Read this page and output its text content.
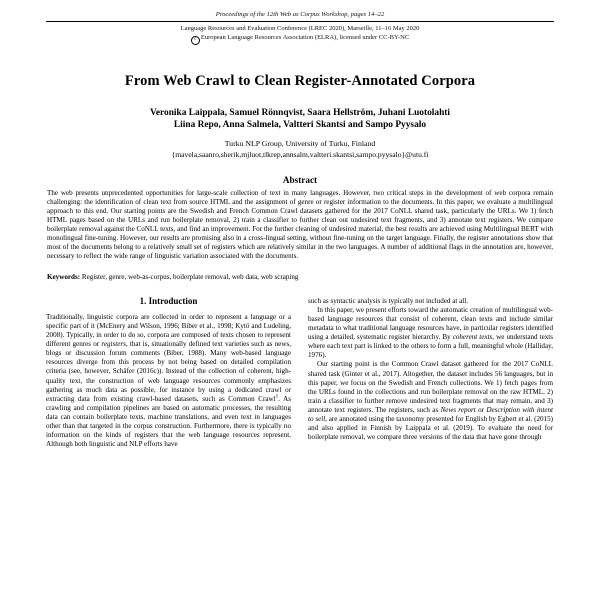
Proceedings of the 12th Web as Corpus Workshop, pages 14–22
Language Resources and Evaluation Conference (LREC 2020), Marseille, 11–16 May 2020
c European Language Resources Association (ELRA), licensed under CC-BY-NC
From Web Crawl to Clean Register-Annotated Corpora
Veronika Laippala, Samuel Rönnqvist, Saara Hellström, Juhani Luotolahti
Liina Repo, Anna Salmela, Valtteri Skantsi and Sampo Pyysalo
Turku NLP Group, University of Turku, Finland
{mavela,saanro,sherik,mjluot,tlkrep,annsalm,valtteri.skantsi,sampo.pyysalo}@utu.fi
Abstract
The web presents unprecedented opportunities for large-scale collection of text in many languages. However, two critical steps in the development of web corpora remain challenging: the identification of clean text from source HTML and the assignment of genre or register information to the documents. In this paper, we evaluate a multilingual approach to this end. Our starting points are the Swedish and French Common Crawl datasets gathered for the 2017 CoNLL shared task, particularly the URLs. We 1) fetch HTML pages based on the URLs and run boilerplate removal, 2) train a classifier to further clean out undesired text fragments, and 3) annotate text registers. We compare boilerplate removal against the CoNLL texts, and find an improvement. For the further cleaning of undesired material, the best results are achieved using Multilingual BERT with monolingual fine-tuning. However, our results are promising also in a cross-lingual setting, without fine-tuning on the target language. Finally, the register annotations show that most of the documents belong to a relatively small set of registers which are relatively similar in the two languages. A number of additional flags in the annotation are, however, necessary to reflect the wide range of linguistic variation associated with the documents.
Keywords: Register, genre, web-as-corpus, boilerplate removal, web data, web scraping
1. Introduction

Traditionally, linguistic corpora are collected in order to represent a language or a specific part of it (McEnery and Wilson, 1996; Biber et al., 1998; Kytö and Ludeling, 2008). Typically, in order to do so, corpora are composed of texts chosen to represent different genres or registers, that is, situationally defined text varieties such as news, blogs or discussion forum comments (Biber, 1988). Many web-based language resources diverge from this process by not being based on detailed compilation criteria (see, however, Schäfer (2016c)). Instead of the collection of coherent, high-quality text, the construction of web language resources commonly emphasizes gathering as much data as possible, for instance by using a dedicated crawl or extracting data from existing crawl-based datasets, such as Common Crawl$^1$. As crawling and compilation pipelines are based on automatic processes, the resulting data can contain boilerplate texts, machine translations, and even text in languages other than that targeted in the corpus construction. Furthermore, there is typically no information on the kinds of registers that the web language resources represent. Although both linguistic and NLP efforts have

such as syntactic analysis is typically not included at all.

In this paper, we present efforts toward the automatic creation of multilingual web-based language resources that consist of coherent, clean texts and include similar metadata to what traditional language resources have, in particular registers identified using a detailed, systematic register hierarchy. By coherent texts, we understand texts where each text part is linked to the others to form a full, meaningful whole (Halliday, 1976).

Our starting point is the Common Crawl dataset gathered for the 2017 CoNLL shared task (Ginter et al., 2017). Altogether, the dataset includes 56 languages, but in this paper, we focus on the Swedish and French collections. We 1) fetch pages from the URLs found in the collections and run boilerplate removal on the raw HTML, 2) train a classifier to further remove undesired text fragments that may remain, and 3) annotate text registers. The registers, such as News report or Description with intent to sell, are annotated using the taxonomy presented for English by Egbert et al. (2015) and also applied in Finnish by Laippala et al. (2019). To evaluate the need for boilerplate removal, we compare three versions of the data that have gone through
